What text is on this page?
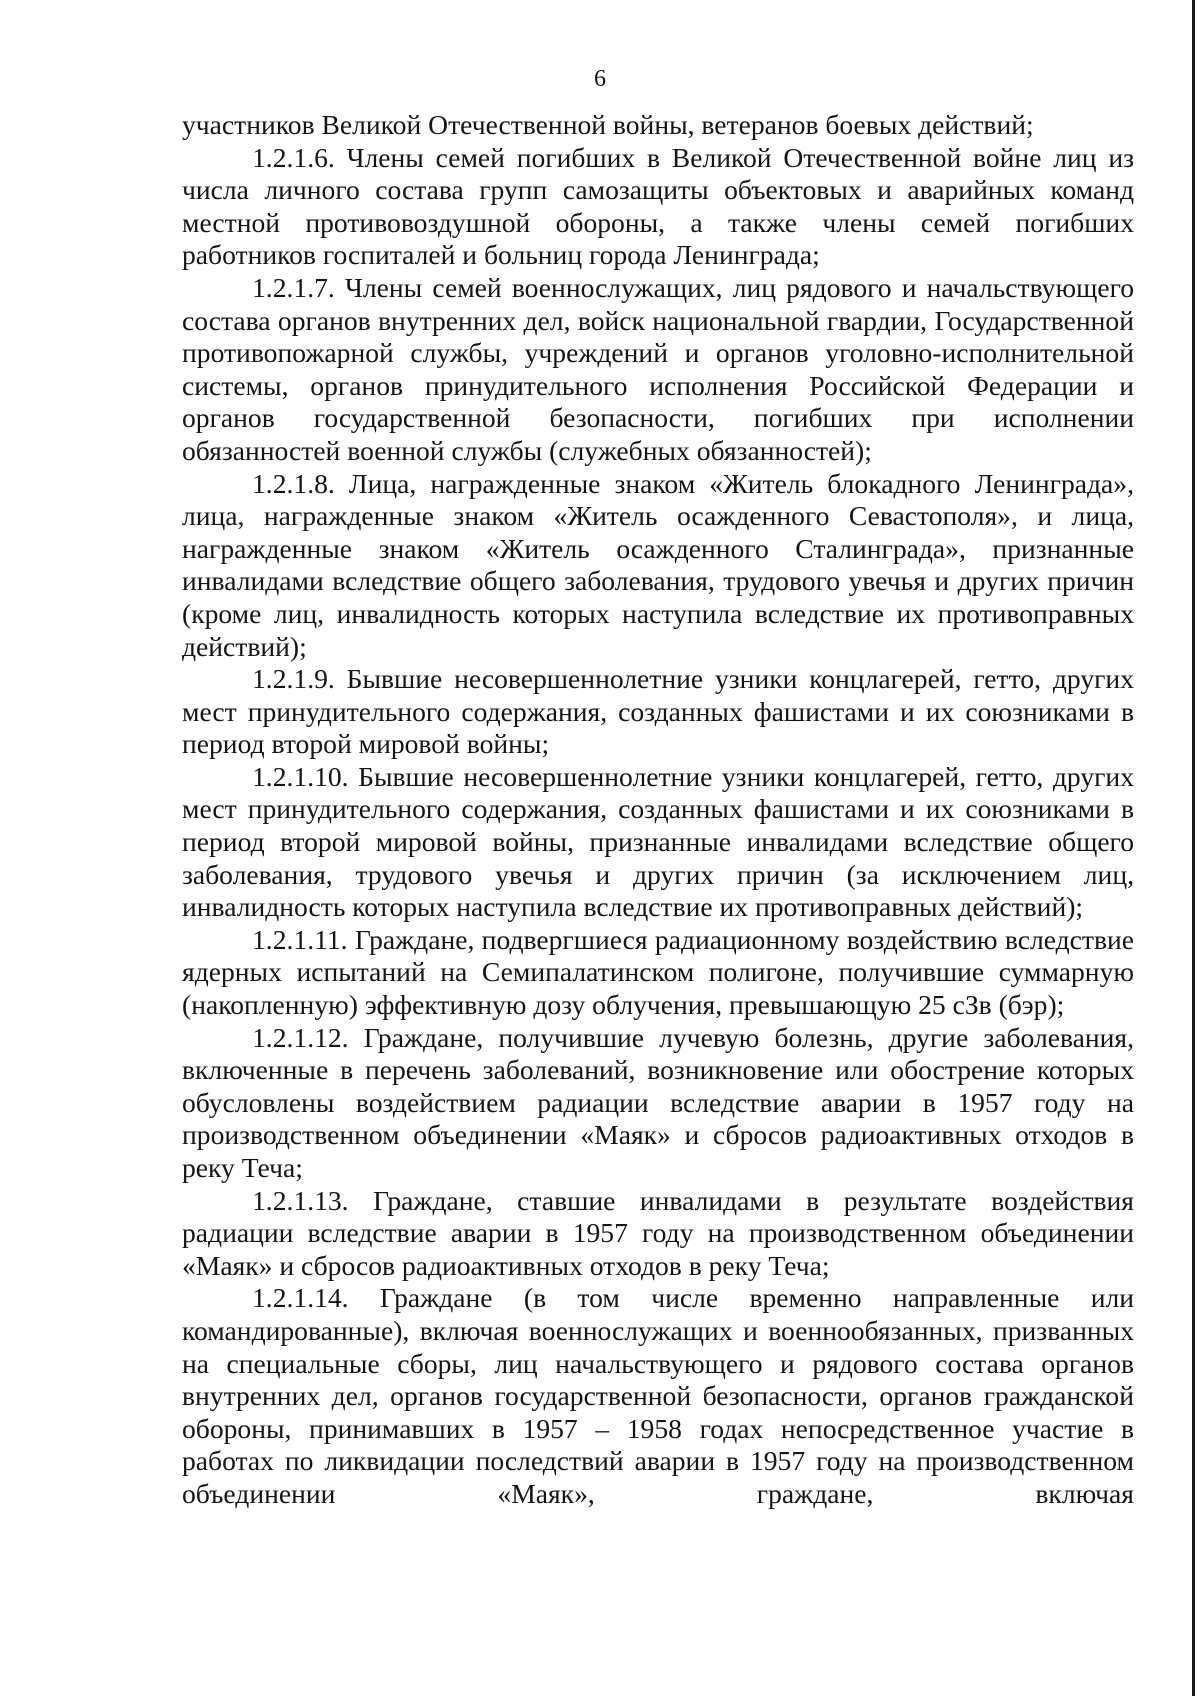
6

участников Великой Отечественной войны, ветеранов боевых действий;

1.2.1.6. Члены семей погибших в Великой Отечественной войне лиц из числа личного состава групп самозащиты объектовых и аварийных команд местной противовоздушной обороны, а также члены семей погибших работников госпиталей и больниц города Ленинграда;

1.2.1.7. Члены семей военнослужащих, лиц рядового и начальствующего состава органов внутренних дел, войск национальной гвардии, Государственной противопожарной службы, учреждений и органов уголовно-исполнительной системы, органов принудительного исполнения Российской Федерации и органов государственной безопасности, погибших при исполнении обязанностей военной службы (служебных обязанностей);

1.2.1.8. Лица, награжденные знаком «Житель блокадного Ленинграда», лица, награжденные знаком «Житель осажденного Севастополя», и лица, награжденные знаком «Житель осажденного Сталинграда», признанные инвалидами вследствие общего заболевания, трудового увечья и других причин (кроме лиц, инвалидность которых наступила вследствие их противоправных действий);

1.2.1.9. Бывшие несовершеннолетние узники концлагерей, гетто, других мест принудительного содержания, созданных фашистами и их союзниками в период второй мировой войны;

1.2.1.10. Бывшие несовершеннолетние узники концлагерей, гетто, других мест принудительного содержания, созданных фашистами и их союзниками в период второй мировой войны, признанные инвалидами вследствие общего заболевания, трудового увечья и других причин (за исключением лиц, инвалидность которых наступила вследствие их противоправных действий);

1.2.1.11. Граждане, подвергшиеся радиационному воздействию вследствие ядерных испытаний на Семипалатинском полигоне, получившие суммарную (накопленную) эффективную дозу облучения, превышающую 25 сЗв (бэр);

1.2.1.12. Граждане, получившие лучевую болезнь, другие заболевания, включенные в перечень заболеваний, возникновение или обострение которых обусловлены воздействием радиации вследствие аварии в 1957 году на производственном объединении «Маяк» и сбросов радиоактивных отходов в реку Теча;

1.2.1.13. Граждане, ставшие инвалидами в результате воздействия радиации вследствие аварии в 1957 году на производственном объединении «Маяк» и сбросов радиоактивных отходов в реку Теча;

1.2.1.14. Граждане (в том числе временно направленные или командированные), включая военнослужащих и военнообязанных, призванных на специальные сборы, лиц начальствующего и рядового состава органов внутренних дел, органов государственной безопасности, органов гражданской обороны, принимавших в 1957 – 1958 годах непосредственное участие в работах по ликвидации последствий аварии в 1957 году на производственном объединении «Маяк», граждане, включая
